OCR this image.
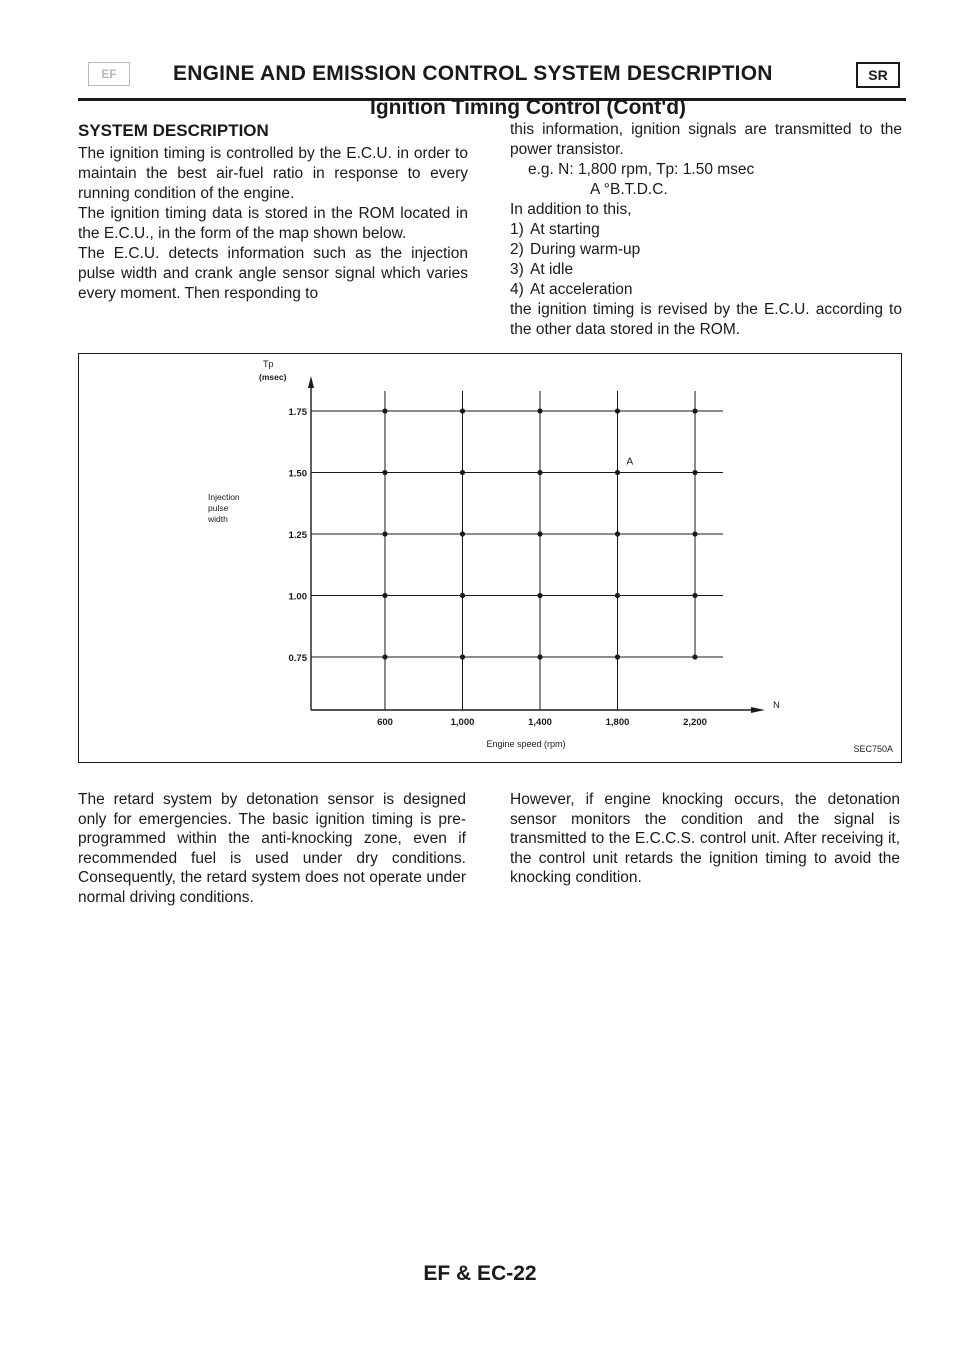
EF	ENGINE AND EMISSION CONTROL SYSTEM DESCRIPTION	SR
Ignition Timing Control (Cont'd)
SYSTEM DESCRIPTION

The ignition timing is controlled by the E.C.U. in order to maintain the best air-fuel ratio in response to every running condition of the engine.

The ignition timing data is stored in the ROM located in the E.C.U., in the form of the map shown below.

The E.C.U. detects information such as the injection pulse width and crank angle sensor signal which varies every moment. Then responding to

this information, ignition signals are transmitted to the power transistor.

e.g. N: 1,800 rpm, Tp: 1.50 msec

A °B.T.D.C.

In addition to this,

1) At starting
2) During warm-up
3) At idle
4) At acceleration

the ignition timing is revised by the E.C.U. according to the other data stored in the ROM.

1.75
1.50
1.25
1.00
0.75
600	1,000	1,400	1,800	2,200
A
Tp
(msec)
Injection
pulse
width
N
Engine speed (rpm)	SEC750A
The retard system by detonation sensor is designed only for emergencies. The basic ignition timing is pre-programmed within the anti-knocking zone, even if recommended fuel is used under dry conditions. Consequently, the retard system does not operate under normal driving conditions.
However, if engine knocking occurs, the detonation sensor monitors the condition and the signal is transmitted to the E.C.C.S. control unit. After receiving it, the control unit retards the ignition timing to avoid the knocking condition.
EF & EC-22
